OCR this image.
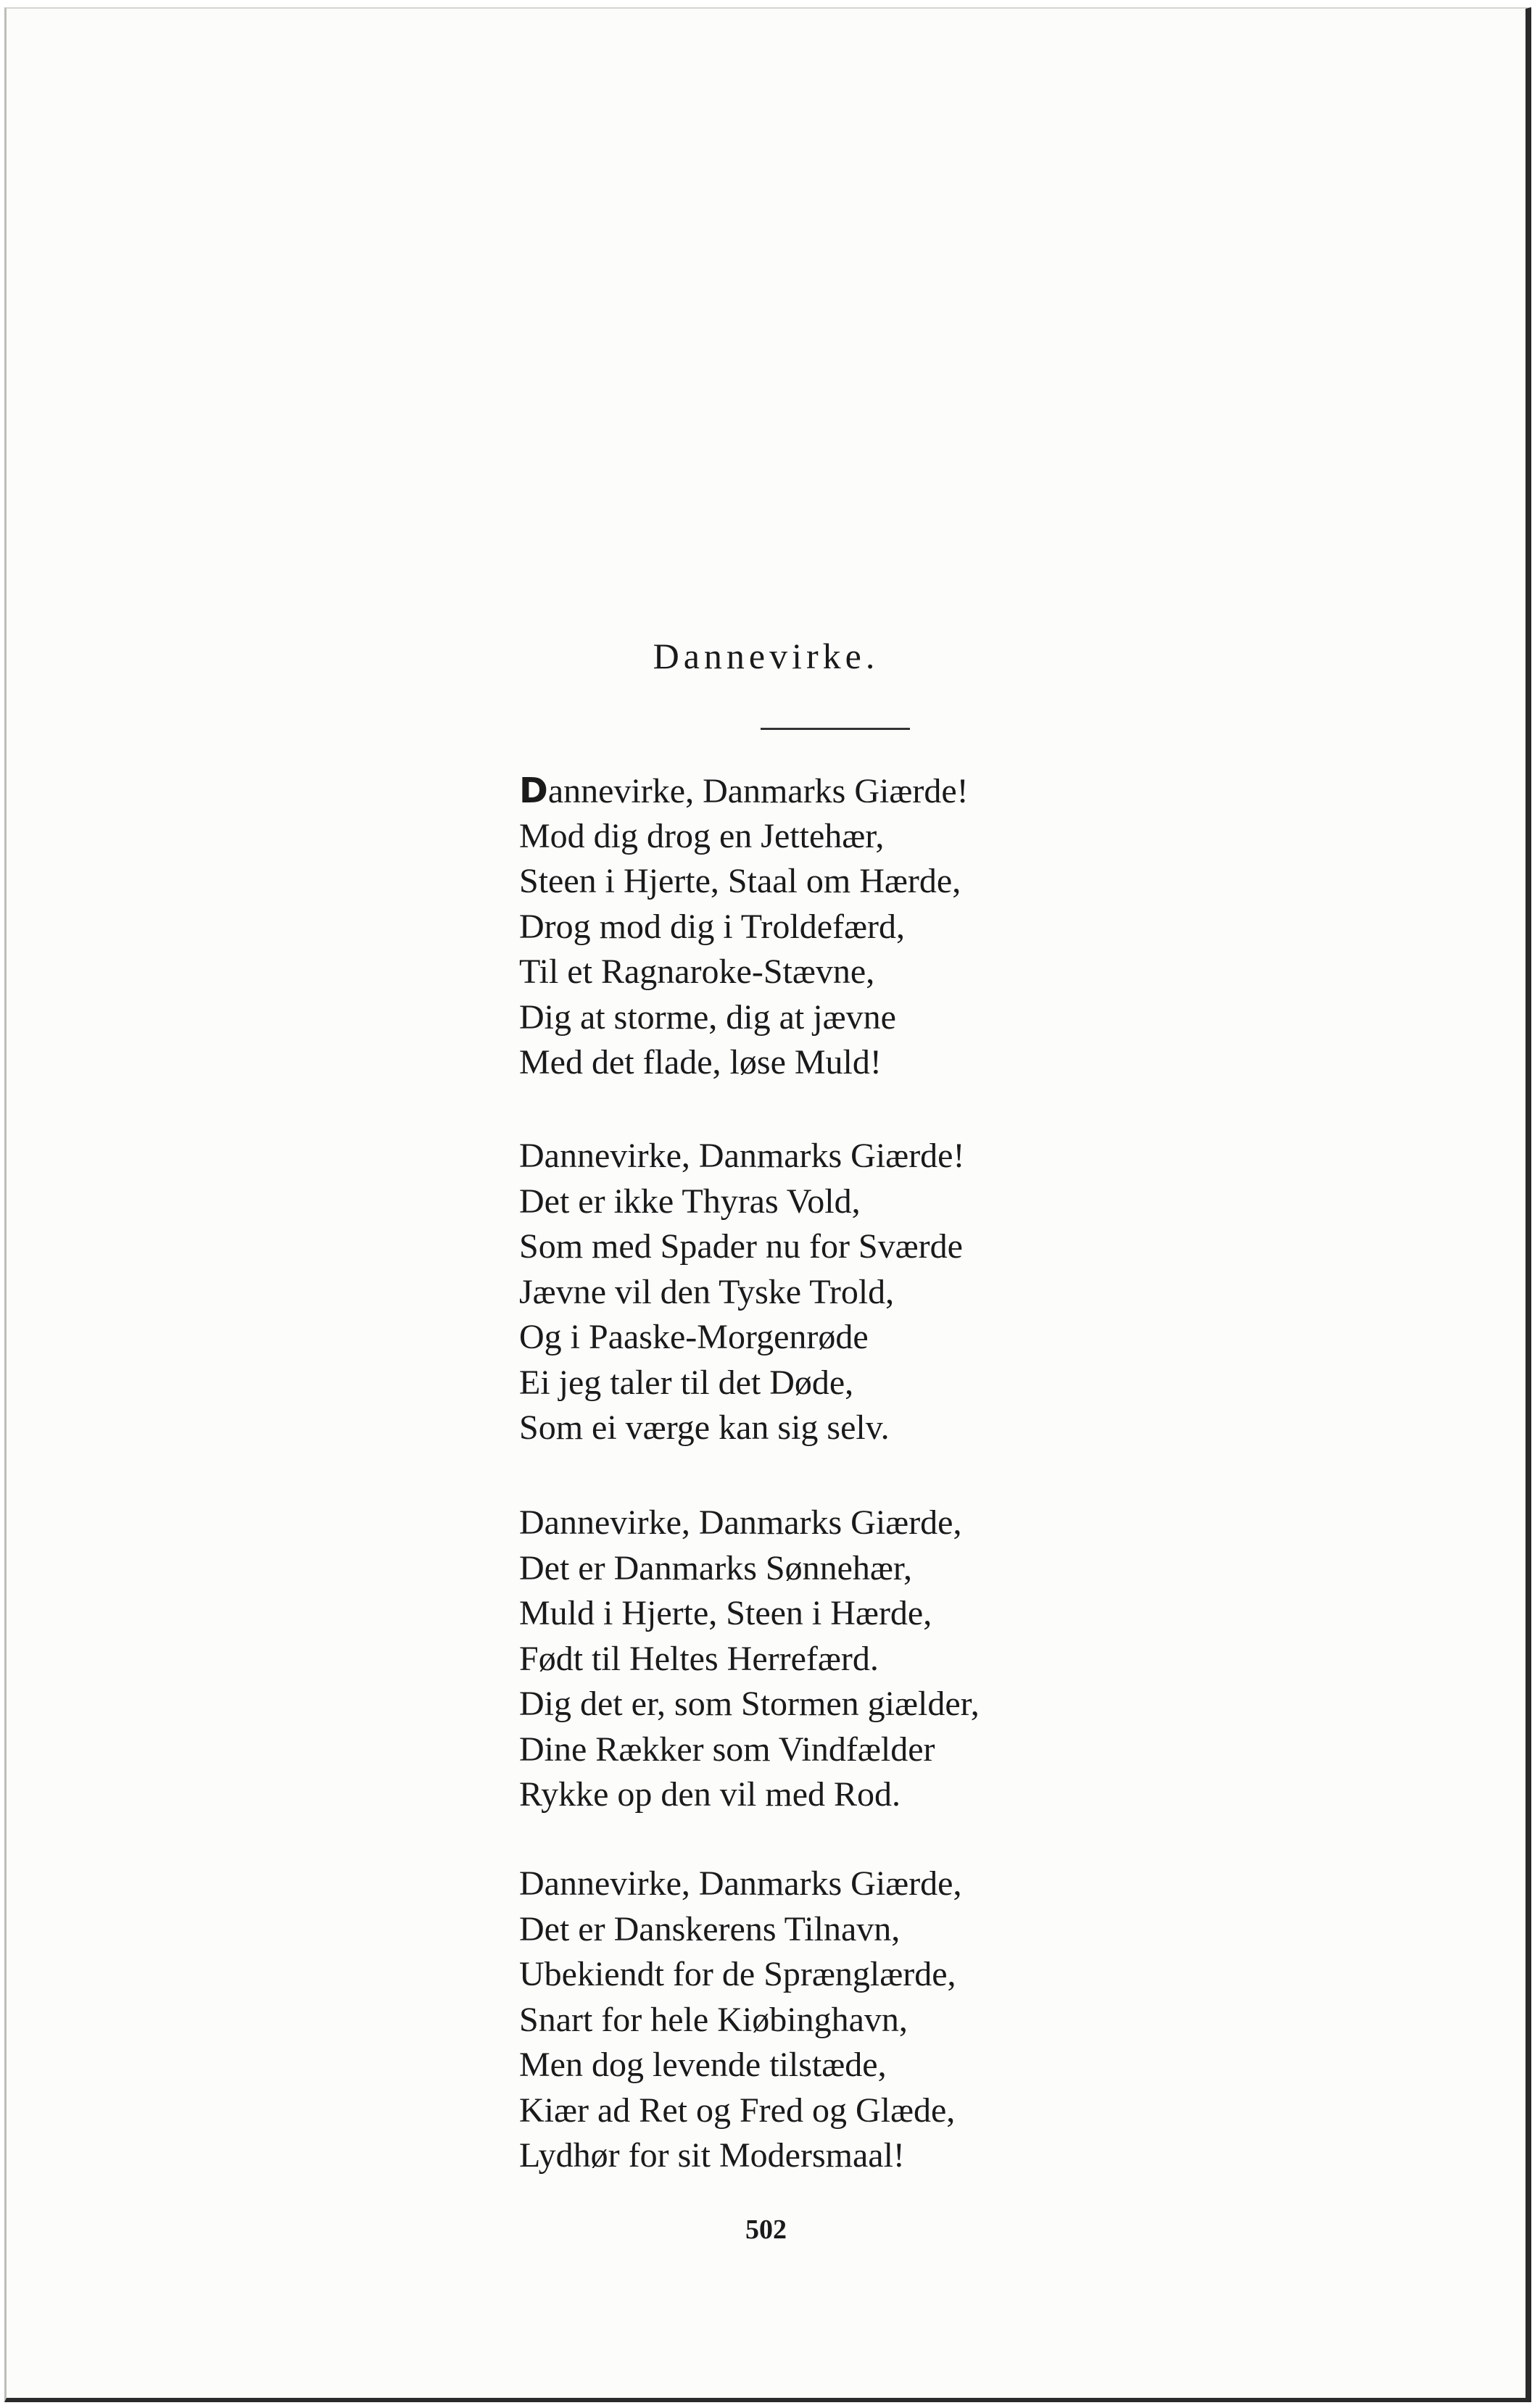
Dannevirke.
Dannevirke, Danmarks Giærde!
Mod dig drog en Jettehær,
Steen i Hjerte, Staal om Hærde,
Drog mod dig i Troldefærd,
Til et Ragnaroke-Stævne,
Dig at storme, dig at jævne
Med det flade, løse Muld!
Dannevirke, Danmarks Giærde!
Det er ikke Thyras Vold,
Som med Spader nu for Sværde
Jævne vil den Tyske Trold,
Og i Paaske-Morgenrøde
Ei jeg taler til det Døde,
Som ei værge kan sig selv.
Dannevirke, Danmarks Giærde,
Det er Danmarks Sønnehær,
Muld i Hjerte, Steen i Hærde,
Født til Heltes Herrefærd.
Dig det er, som Stormen giælder,
Dine Rækker som Vindfælder
Rykke op den vil med Rod.
Dannevirke, Danmarks Giærde,
Det er Danskerens Tilnavn,
Ubekiendt for de Sprænglærde,
Snart for hele Kiøbinghavn,
Men dog levende tilstæde,
Kiær ad Ret og Fred og Glæde,
Lydhør for sit Modersmaal!
502
